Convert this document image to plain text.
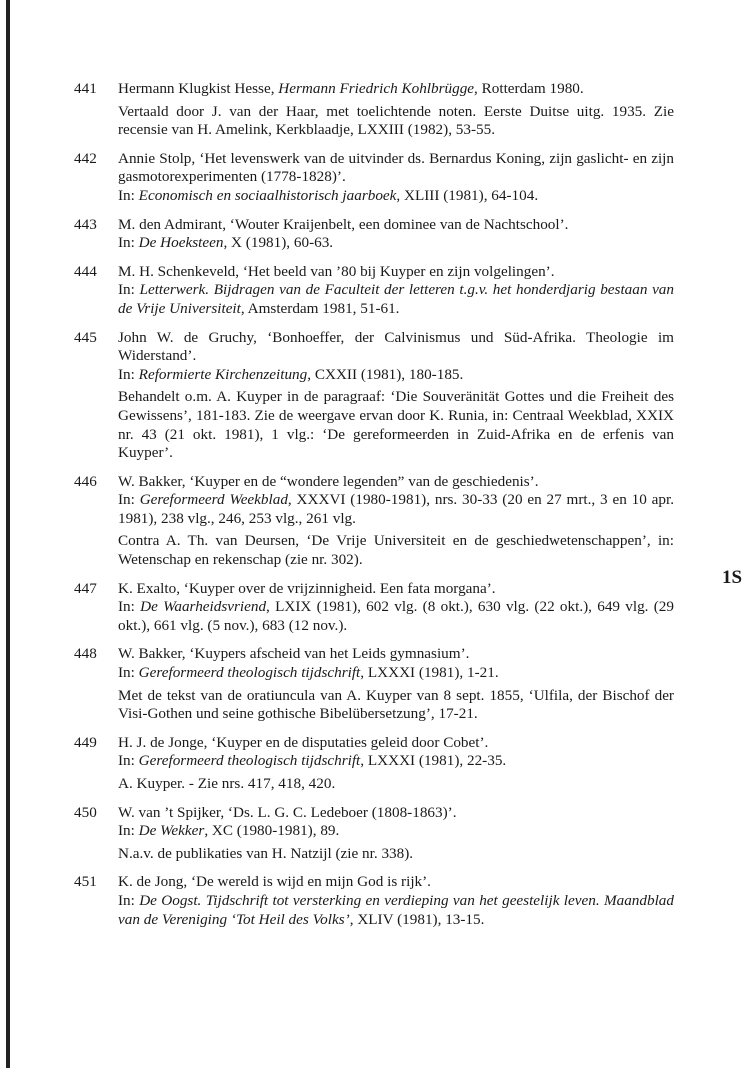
1S
441	Hermann Klugkist Hesse, Hermann Friedrich Kohlbrügge, Rotterdam 1980.

Vertaald door J. van der Haar, met toelichtende noten. Eerste Duitse uitg. 1935. Zie recensie van H. Amelink, Kerkblaadje, LXXIII (1982), 53-55.

442	Annie Stolp, ‘Het levenswerk van de uitvinder ds. Bernardus Koning, zijn gaslicht- en zijn gasmotorexperimenten (1778-1828)’.

In: Economisch en sociaalhistorisch jaarboek, XLIII (1981), 64-104.

443	M. den Admirant, ‘Wouter Kraijenbelt, een dominee van de Nachtschool’.

In: De Hoeksteen, X (1981), 60-63.

444	M. H. Schenkeveld, ‘Het beeld van ’80 bij Kuyper en zijn volgelingen’.

In: Letterwerk. Bijdragen van de Faculteit der letteren t.g.v. het honderdjarig bestaan van de Vrije Universiteit, Amsterdam 1981, 51-61.

445	John W. de Gruchy, ‘Bonhoeffer, der Calvinismus und Süd-Afrika. Theologie im Widerstand’.

In: Reformierte Kirchenzeitung, CXXII (1981), 180-185.

Behandelt o.m. A. Kuyper in de paragraaf: ‘Die Souveränität Gottes und die Freiheit des Gewissens’, 181-183. Zie de weergave ervan door K. Runia, in: Centraal Weekblad, XXIX nr. 43 (21 okt. 1981), 1 vlg.: ‘De gereformeerden in Zuid-Afrika en de erfenis van Kuyper’.

446	W. Bakker, ‘Kuyper en de “wondere legenden” van de geschiedenis’.

In: Gereformeerd Weekblad, XXXVI (1980-1981), nrs. 30-33 (20 en 27 mrt., 3 en 10 apr. 1981), 238 vlg., 246, 253 vlg., 261 vlg.

Contra A. Th. van Deursen, ‘De Vrije Universiteit en de geschiedwetenschappen’, in: Wetenschap en rekenschap (zie nr. 302).

447	K. Exalto, ‘Kuyper over de vrijzinnigheid. Een fata morgana’.

In: De Waarheidsvriend, LXIX (1981), 602 vlg. (8 okt.), 630 vlg. (22 okt.), 649 vlg. (29 okt.), 661 vlg. (5 nov.), 683 (12 nov.).

448	W. Bakker, ‘Kuypers afscheid van het Leids gymnasium’.

In: Gereformeerd theologisch tijdschrift, LXXXI (1981), 1-21.

Met de tekst van de oratiuncula van A. Kuyper van 8 sept. 1855, ‘Ulfila, der Bischof der Visi-Gothen und seine gothische Bibelübersetzung’, 17-21.

449	H. J. de Jonge, ‘Kuyper en de disputaties geleid door Cobet’.

In: Gereformeerd theologisch tijdschrift, LXXXI (1981), 22-35.

A. Kuyper. - Zie nrs. 417, 418, 420.

450	W. van ’t Spijker, ‘Ds. L. G. C. Ledeboer (1808-1863)’.

In: De Wekker, XC (1980-1981), 89.

N.a.v. de publikaties van H. Natzijl (zie nr. 338).

451	K. de Jong, ‘De wereld is wijd en mijn God is rijk’.

In: De Oogst. Tijdschrift tot versterking en verdieping van het geestelijk leven. Maandblad van de Vereniging ‘Tot Heil des Volks’, XLIV (1981), 13-15.
